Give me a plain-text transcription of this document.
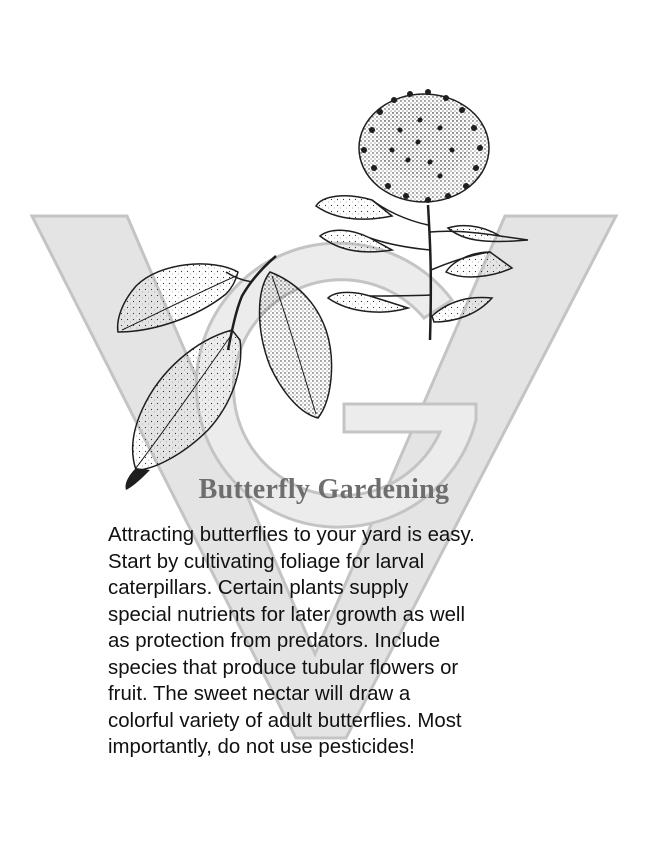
Butterfly Gardening
Attracting butterflies to your yard is easy.
Start by cultivating foliage for larval
caterpillars. Certain plants supply
special nutrients for later growth as well
as protection from predators. Include
species that produce tubular flowers or
fruit. The sweet nectar will draw a
colorful variety of adult butterflies. Most
importantly, do not use pesticides!
